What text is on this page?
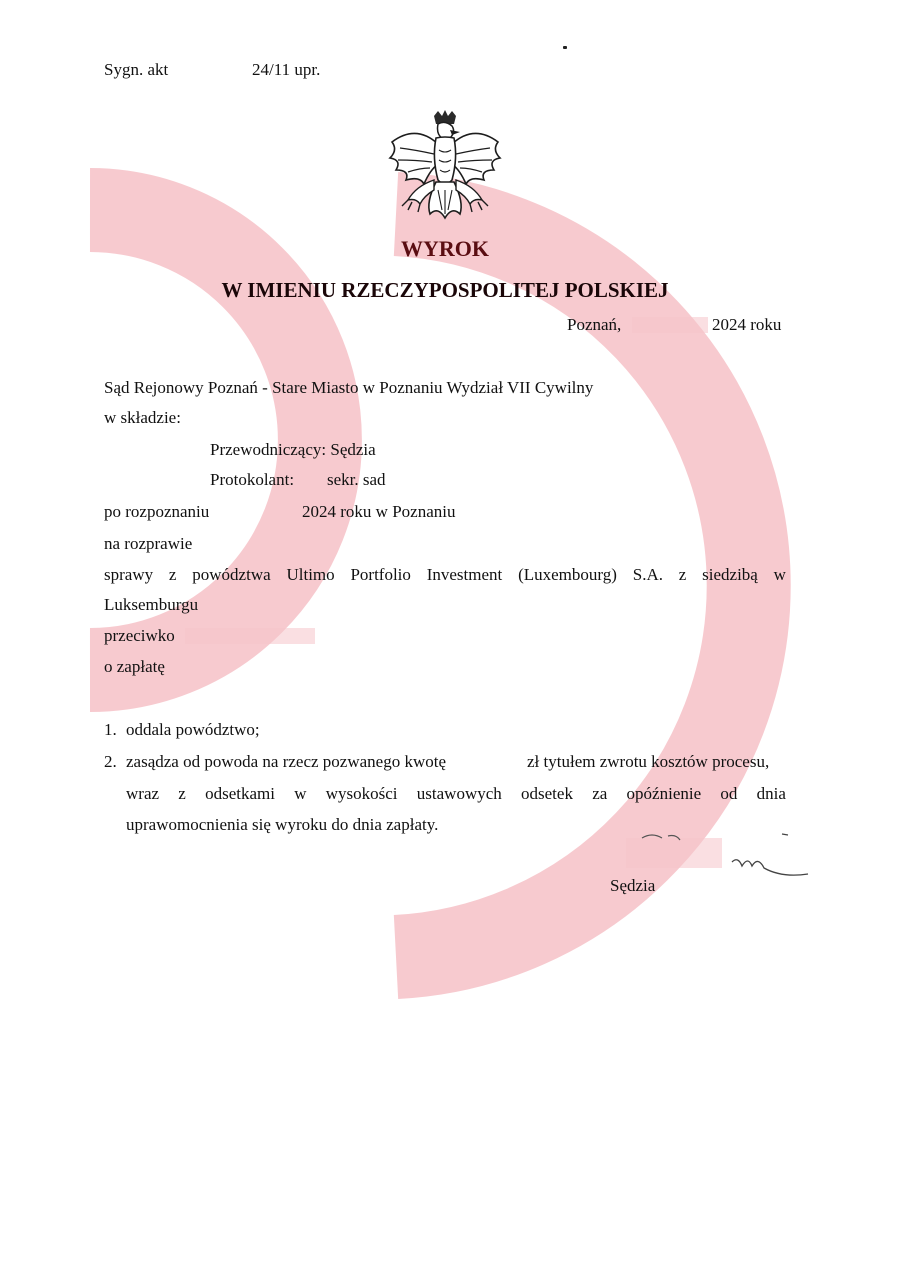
Sygn. akt	24/11 upr.
WYROK
W IMIENIU RZECZYPOSPOLITEJ POLSKIEJ
Poznań,	2024 roku
Sąd Rejonowy Poznań - Stare Miasto w Poznaniu Wydział VII Cywilny
w składzie:
Przewodniczący: Sędzia
Protokolant: sekr. sad
po rozpoznaniu	2024 roku w Poznaniu
na rozprawie
sprawy z powództwa Ultimo Portfolio Investment (Luxembourg) S.A. z siedzibą w
Luksemburgu
przeciwko
o zapłatę
1. oddala powództwo;
2. zasądza od powoda na rzecz pozwanego kwotę	zł tytułem zwrotu kosztów procesu,
wraz z odsetkami w wysokości ustawowych odsetek za opóźnienie od dnia
uprawomocnienia się wyroku do dnia zapłaty.
Sędzia
